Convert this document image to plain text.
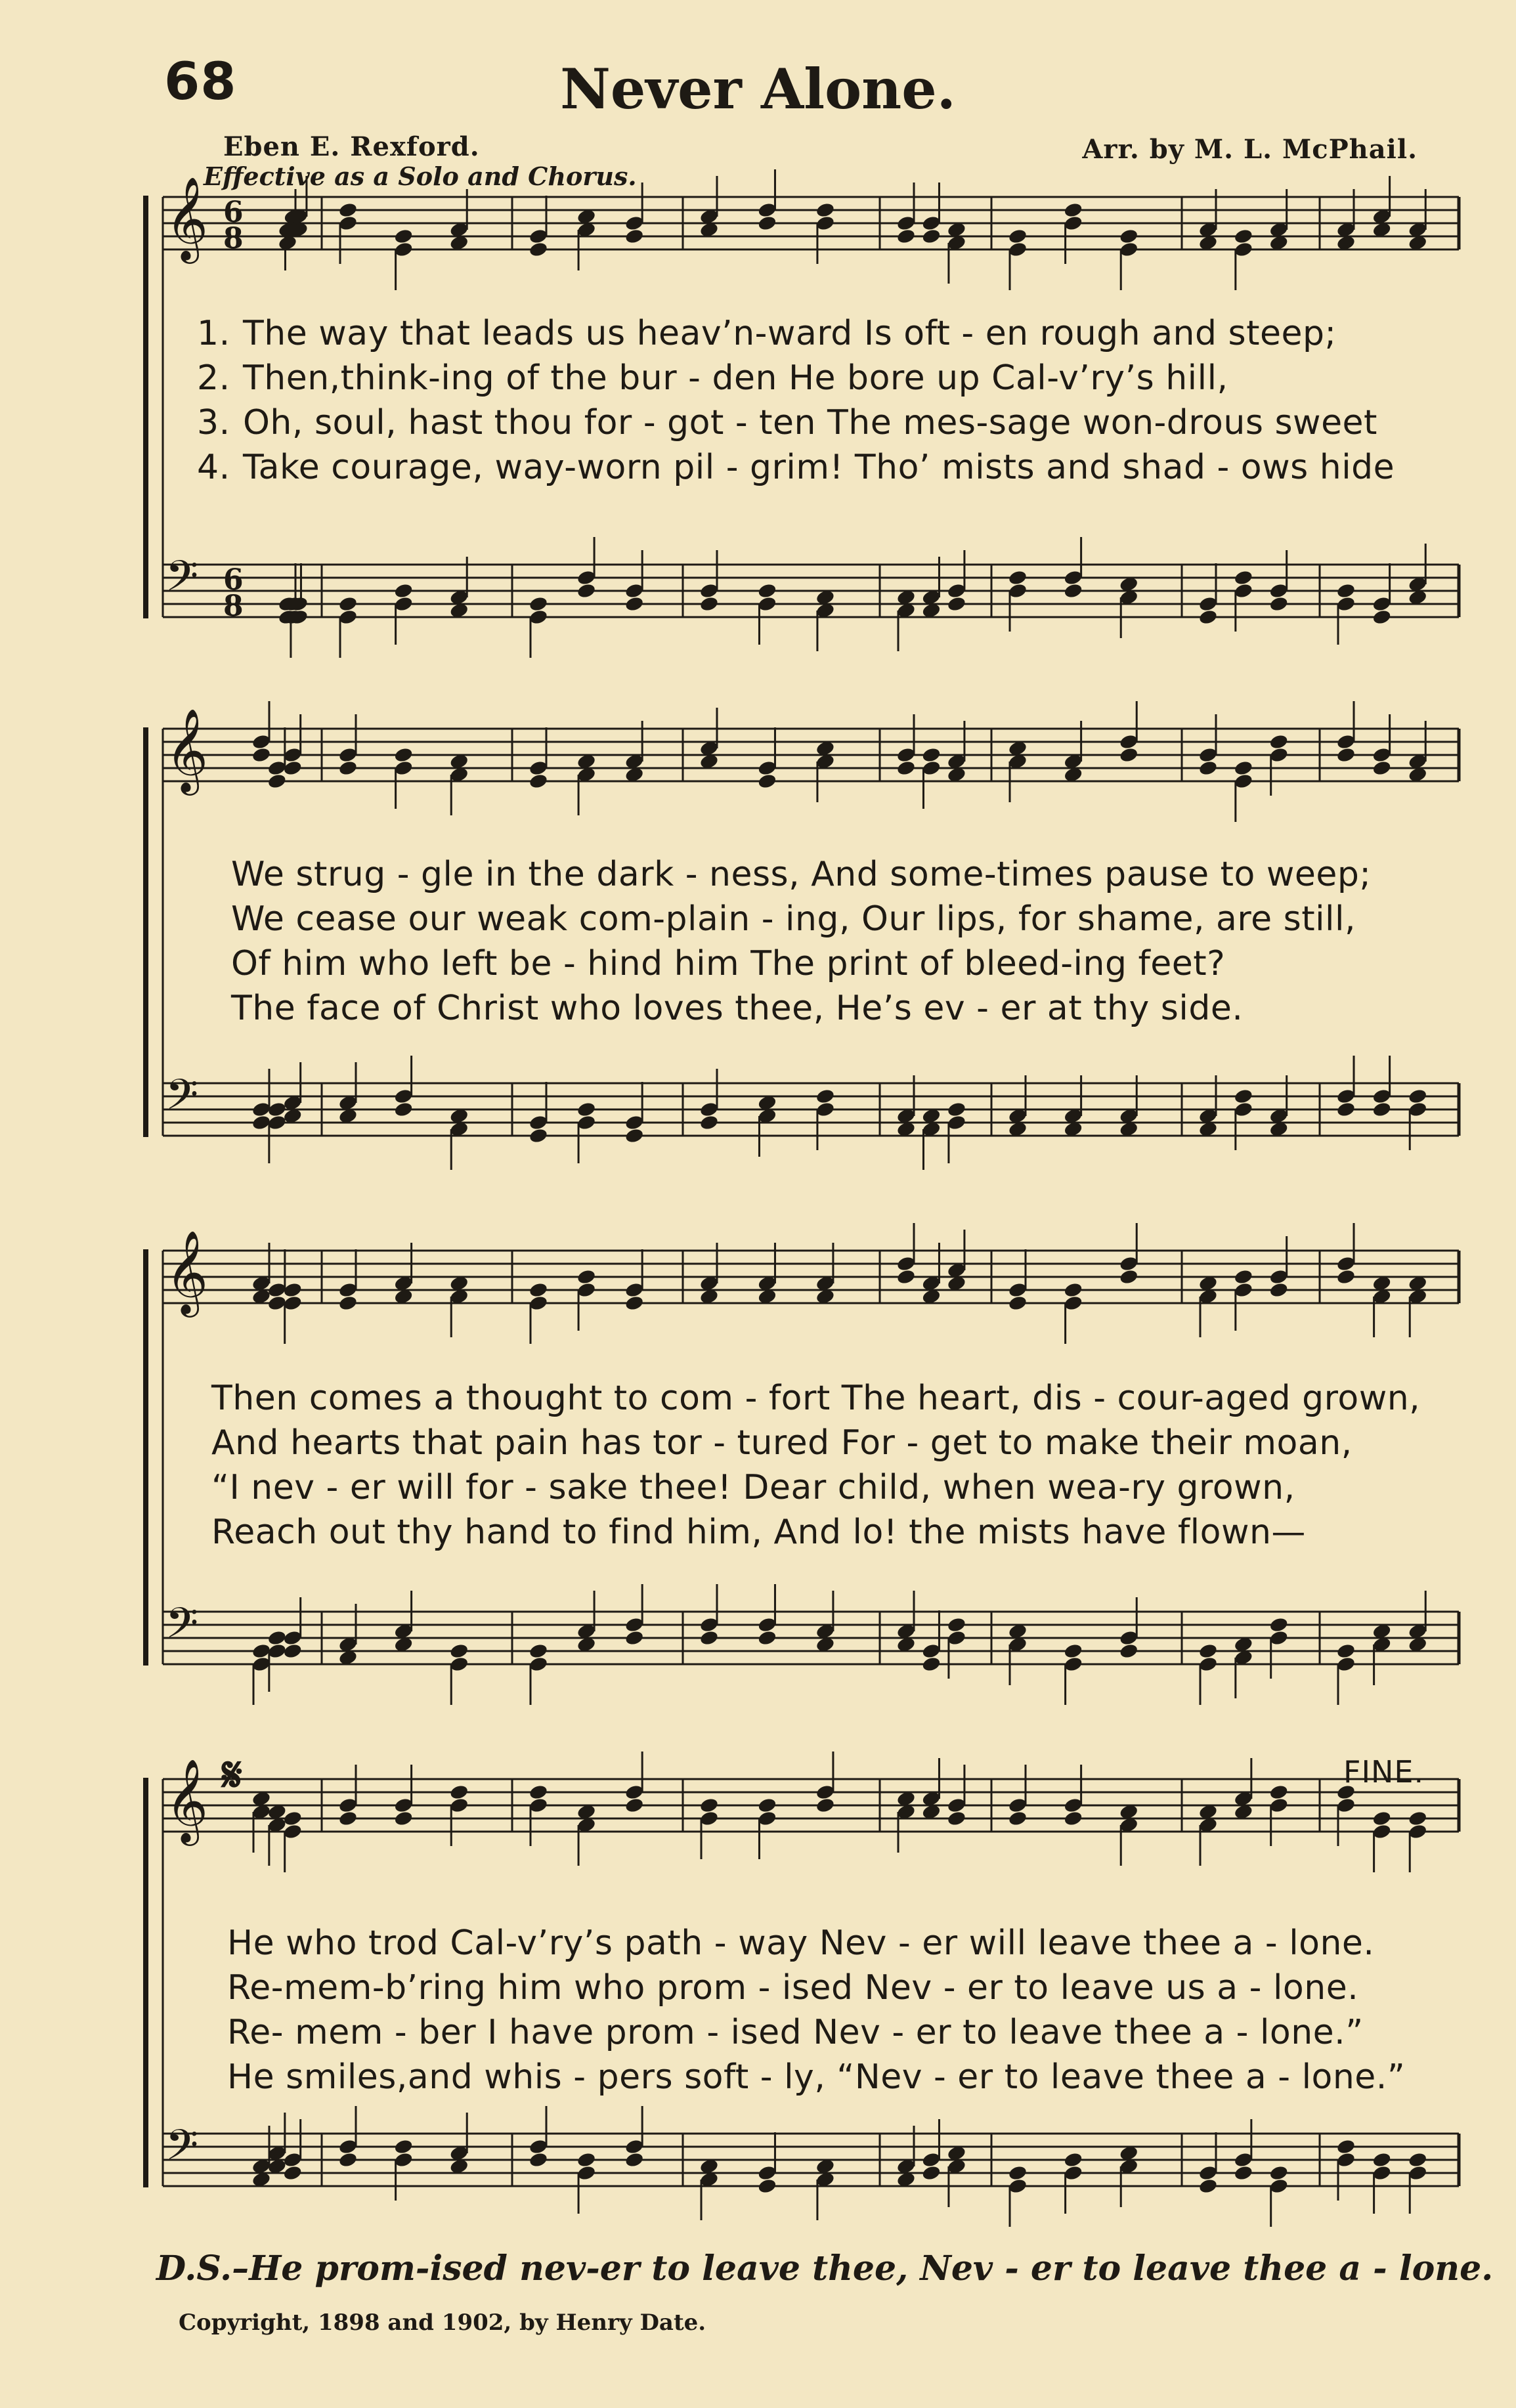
68	Never Alone.
Eben E. Rexford.	Arr. by M. L. McPhail.
Effective as a Solo and Chorus.
𝄞 6
8
𝄢 6
8
𝄞
𝄢
𝄞
𝄢
𝄞
𝄢
1. The way that leads us heav’n-ward Is oft - en rough and steep;
2. Then,think-ing of the bur - den He bore up Cal-v’ry’s hill,
3. Oh, soul, hast thou for - got - ten The mes-sage won-drous sweet
4. Take courage, way-worn pil - grim! Tho’ mists and shad - ows hide
We strug - gle in the dark - ness, And some-times pause to weep;
We cease our weak com-plain - ing, Our lips, for shame, are still,
Of him who left be - hind him The print of bleed-ing feet?
The face of Christ who loves thee, He’s ev - er at thy side.
Then comes a thought to com - fort The heart, dis - cour-aged grown,
And hearts that pain has tor - tured For - get to make their moan,
“I nev - er will for - sake thee! Dear child, when wea-ry grown,
Reach out thy hand to find him, And lo! the mists have flown—
He who trod Cal-v’ry’s path - way Nev - er will leave thee a - lone.
Re-mem-b’ring him who prom - ised Nev - er to leave us a - lone.
Re- mem - ber I have prom - ised Nev - er to leave thee a - lone.”
He smiles,and whis - pers soft - ly, “Nev - er to leave thee a - lone.”
𝄋	FINE.
D.S.–He prom-ised nev-er to leave thee, Nev - er to leave thee a - lone.
Copyright, 1898 and 1902, by Henry Date.
